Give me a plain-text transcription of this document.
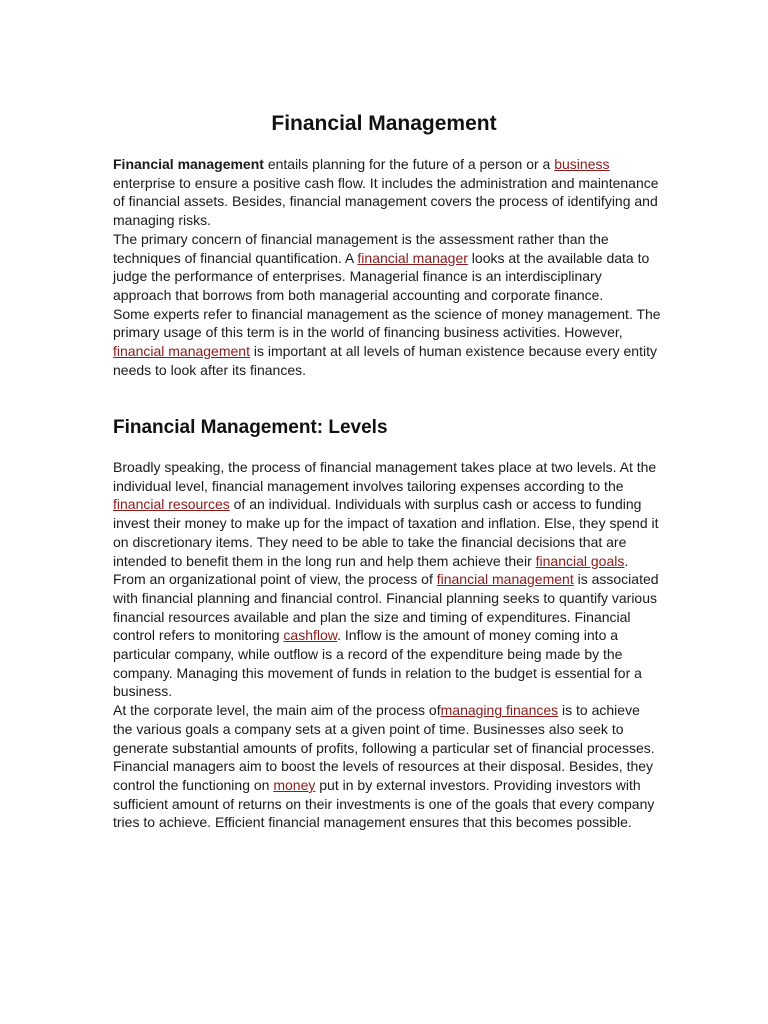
Financial Management

Financial management entails planning for the future of a person or a business enterprise to ensure a positive cash flow. It includes the administration and maintenance of financial assets. Besides, financial management covers the process of identifying and managing risks.

The primary concern of financial management is the assessment rather than the techniques of financial quantification. A financial manager looks at the available data to judge the performance of enterprises. Managerial finance is an interdisciplinary approach that borrows from both managerial accounting and corporate finance.

Some experts refer to financial management as the science of money management. The primary usage of this term is in the world of financing business activities. However, financial management is important at all levels of human existence because every entity needs to look after its finances.

Financial Management: Levels

Broadly speaking, the process of financial management takes place at two levels. At the individual level, financial management involves tailoring expenses according to the financial resources of an individual. Individuals with surplus cash or access to funding invest their money to make up for the impact of taxation and inflation. Else, they spend it on discretionary items. They need to be able to take the financial decisions that are intended to benefit them in the long run and help them achieve their financial goals.

From an organizational point of view, the process of financial management is associated with financial planning and financial control. Financial planning seeks to quantify various financial resources available and plan the size and timing of expenditures. Financial control refers to monitoring cashflow. Inflow is the amount of money coming into a particular company, while outflow is a record of the expenditure being made by the company. Managing this movement of funds in relation to the budget is essential for a business.

At the corporate level, the main aim of the process ofmanaging finances is to achieve the various goals a company sets at a given point of time. Businesses also seek to generate substantial amounts of profits, following a particular set of financial processes.

Financial managers aim to boost the levels of resources at their disposal. Besides, they control the functioning on money put in by external investors. Providing investors with sufficient amount of returns on their investments is one of the goals that every company tries to achieve. Efficient financial management ensures that this becomes possible.
